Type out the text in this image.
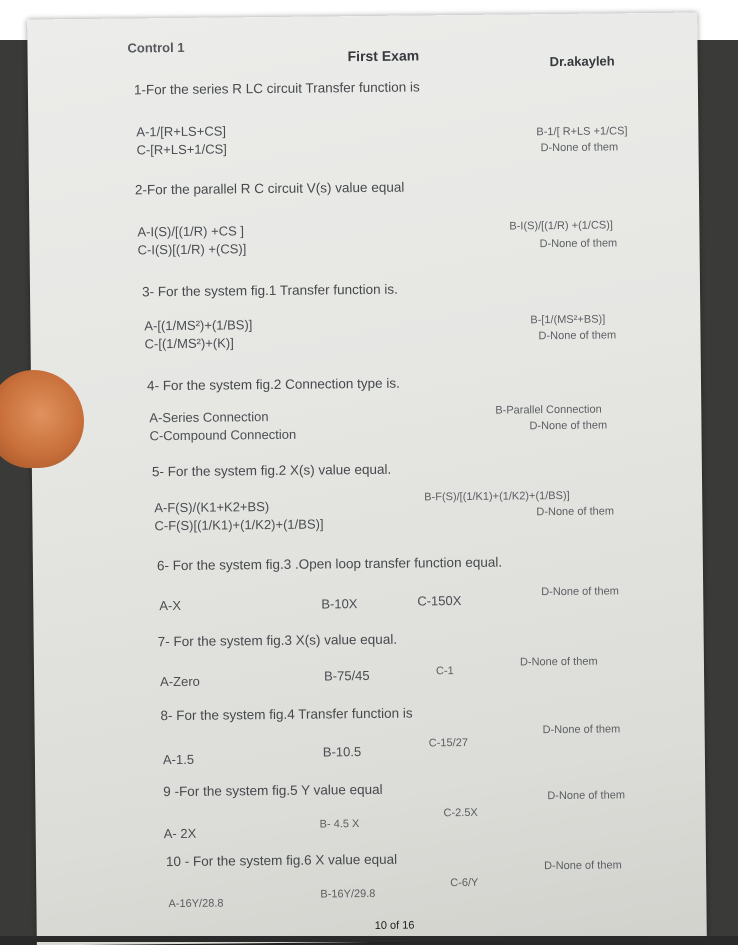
Control 1	First Exam	Dr.akayleh
1-For the series R LC circuit Transfer function is
A-1/[R+LS+CS]	B-1/[ R+LS +1/CS]
C-[R+LS+1/CS]	D-None of them
2-For the parallel R C circuit V(s) value equal
A-I(S)/[(1/R) +CS ]	B-I(S)/[(1/R) +(1/CS)]
C-I(S)[(1/R) +(CS)]	D-None of them
3- For the system fig.1 Transfer function is.
A-[(1/MS²)+(1/BS)]	B-[1/(MS²+BS)]
C-[(1/MS²)+(K)]	D-None of them
4- For the system fig.2 Connection type is.
A-Series Connection	B-Parallel Connection
C-Compound Connection
D-None of them
5- For the system fig.2 X(s) value equal.
A-F(S)/(K1+K2+BS)
B-F(S)/[(1/K1)+(1/K2)+(1/BS)]
C-F(S)[(1/K1)+(1/K2)+(1/BS)]
D-None of them
6- For the system fig.3 .Open loop transfer function equal.
A-X	B-10X	C-150X
D-None of them
7- For the system fig.3 X(s) value equal.
A-Zero	B-75/45	C-1
D-None of them
8- For the system fig.4 Transfer function is
A-1.5
B-10.5
C-15/27
D-None of them
9 -For the system fig.5 Y value equal
A- 2X
B- 4.5 X
C-2.5X
D-None of them
10 - For the system fig.6 X value equal
A-16Y/28.8
B-16Y/29.8
C-6/Y
D-None of them
10 of 16
